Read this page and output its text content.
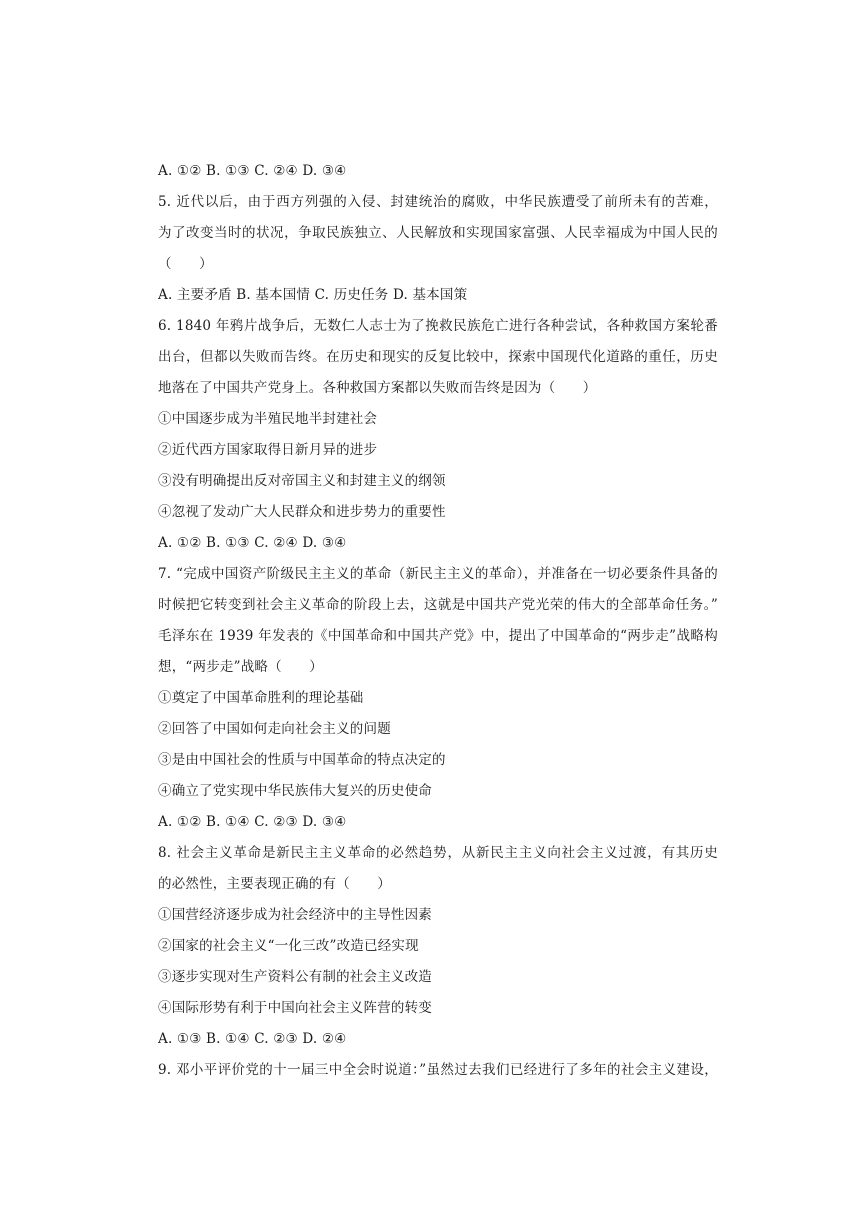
A. ①② B. ①③ C. ②④ D. ③④
5. 近代以后，由于西方列强的入侵、封建统治的腐败，中华民族遭受了前所未有的苦难，
为了改变当时的状况，争取民族独立、人民解放和实现国家富强、人民幸福成为中国人民的
（　　）
A. 主要矛盾 B. 基本国情 C. 历史任务 D. 基本国策
6. 1840 年鸦片战争后，无数仁人志士为了挽救民族危亡进行各种尝试，各种救国方案轮番
出台，但都以失败而告终。在历史和现实的反复比较中，探索中国现代化道路的重任，历史
地落在了中国共产党身上。各种救国方案都以失败而告终是因为（　　）
①中国逐步成为半殖民地半封建社会
②近代西方国家取得日新月异的进步
③没有明确提出反对帝国主义和封建主义的纲领
④忽视了发动广大人民群众和进步势力的重要性
A. ①② B. ①③ C. ②④ D. ③④
7. “完成中国资产阶级民主主义的革命（新民主主义的革命），并准备在一切必要条件具备的
时候把它转变到社会主义革命的阶段上去，这就是中国共产党光荣的伟大的全部革命任务。”
毛泽东在 1939 年发表的《中国革命和中国共产党》中，提出了中国革命的“两步走”战略构
想，“两步走”战略（　　）
①奠定了中国革命胜利的理论基础
②回答了中国如何走向社会主义的问题
③是由中国社会的性质与中国革命的特点决定的
④确立了党实现中华民族伟大复兴的历史使命
A. ①② B. ①④ C. ②③ D. ③④
8. 社会主义革命是新民主主义革命的必然趋势，从新民主主义向社会主义过渡，有其历史
的必然性，主要表现正确的有（　　）
①国营经济逐步成为社会经济中的主导性因素
②国家的社会主义“一化三改”改造已经实现
③逐步实现对生产资料公有制的社会主义改造
④国际形势有利于中国向社会主义阵营的转变
A. ①③ B. ①④ C. ②③ D. ②④
9. 邓小平评价党的十一届三中全会时说道：”虽然过去我们已经进行了多年的社会主义建设，
